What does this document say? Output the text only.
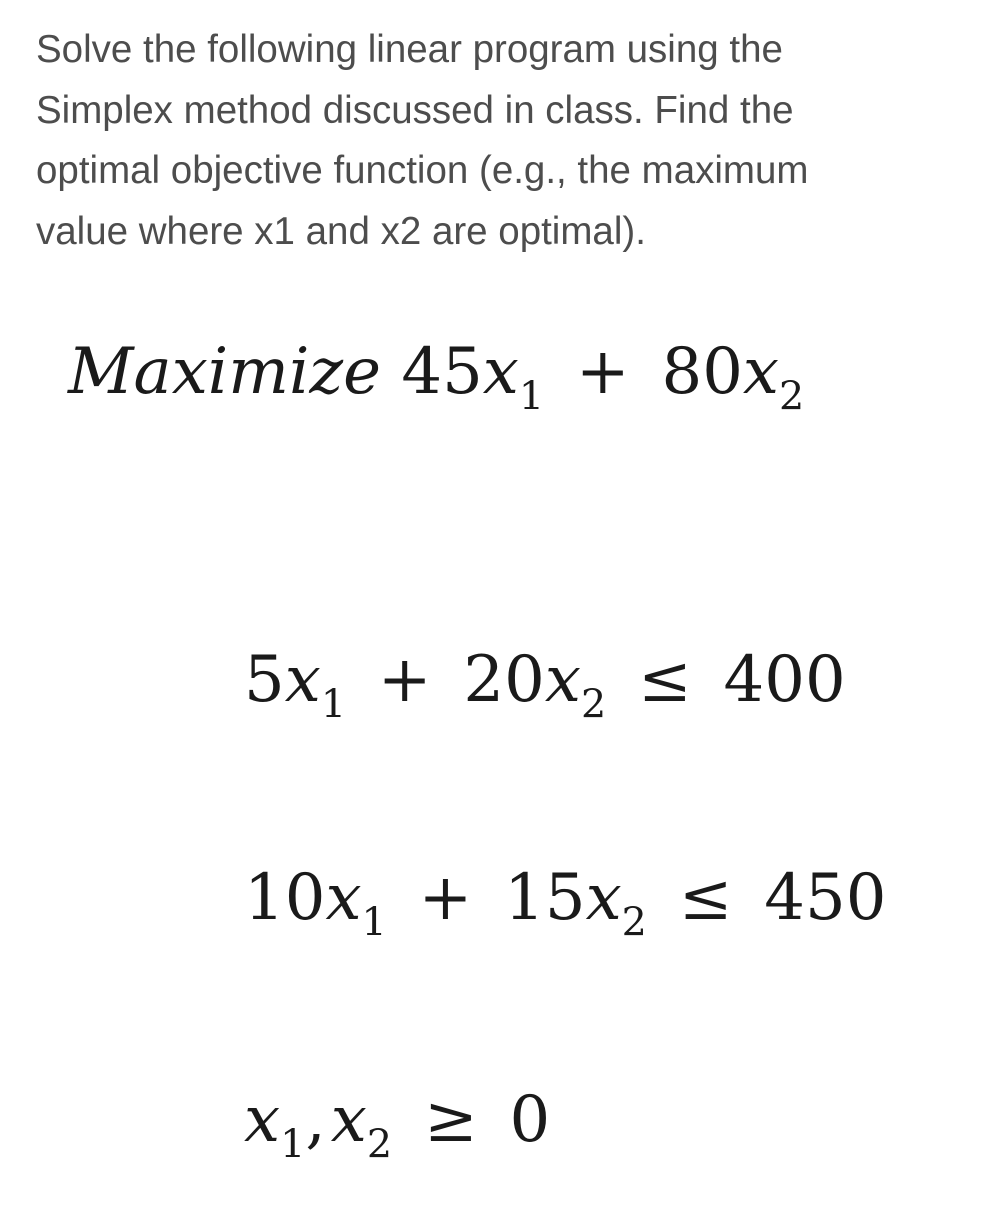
Solve the following linear program using the
Simplex method discussed in class. Find the
optimal objective function (e.g., the maximum
value where x1 and x2 are optimal).
Maximize $45x_1 + 80x_2$
$5x_1 + 20x_2 \le 400$
$10x_1 + 15x_2 \le 450$
$x_1,x_2 \ge 0$
